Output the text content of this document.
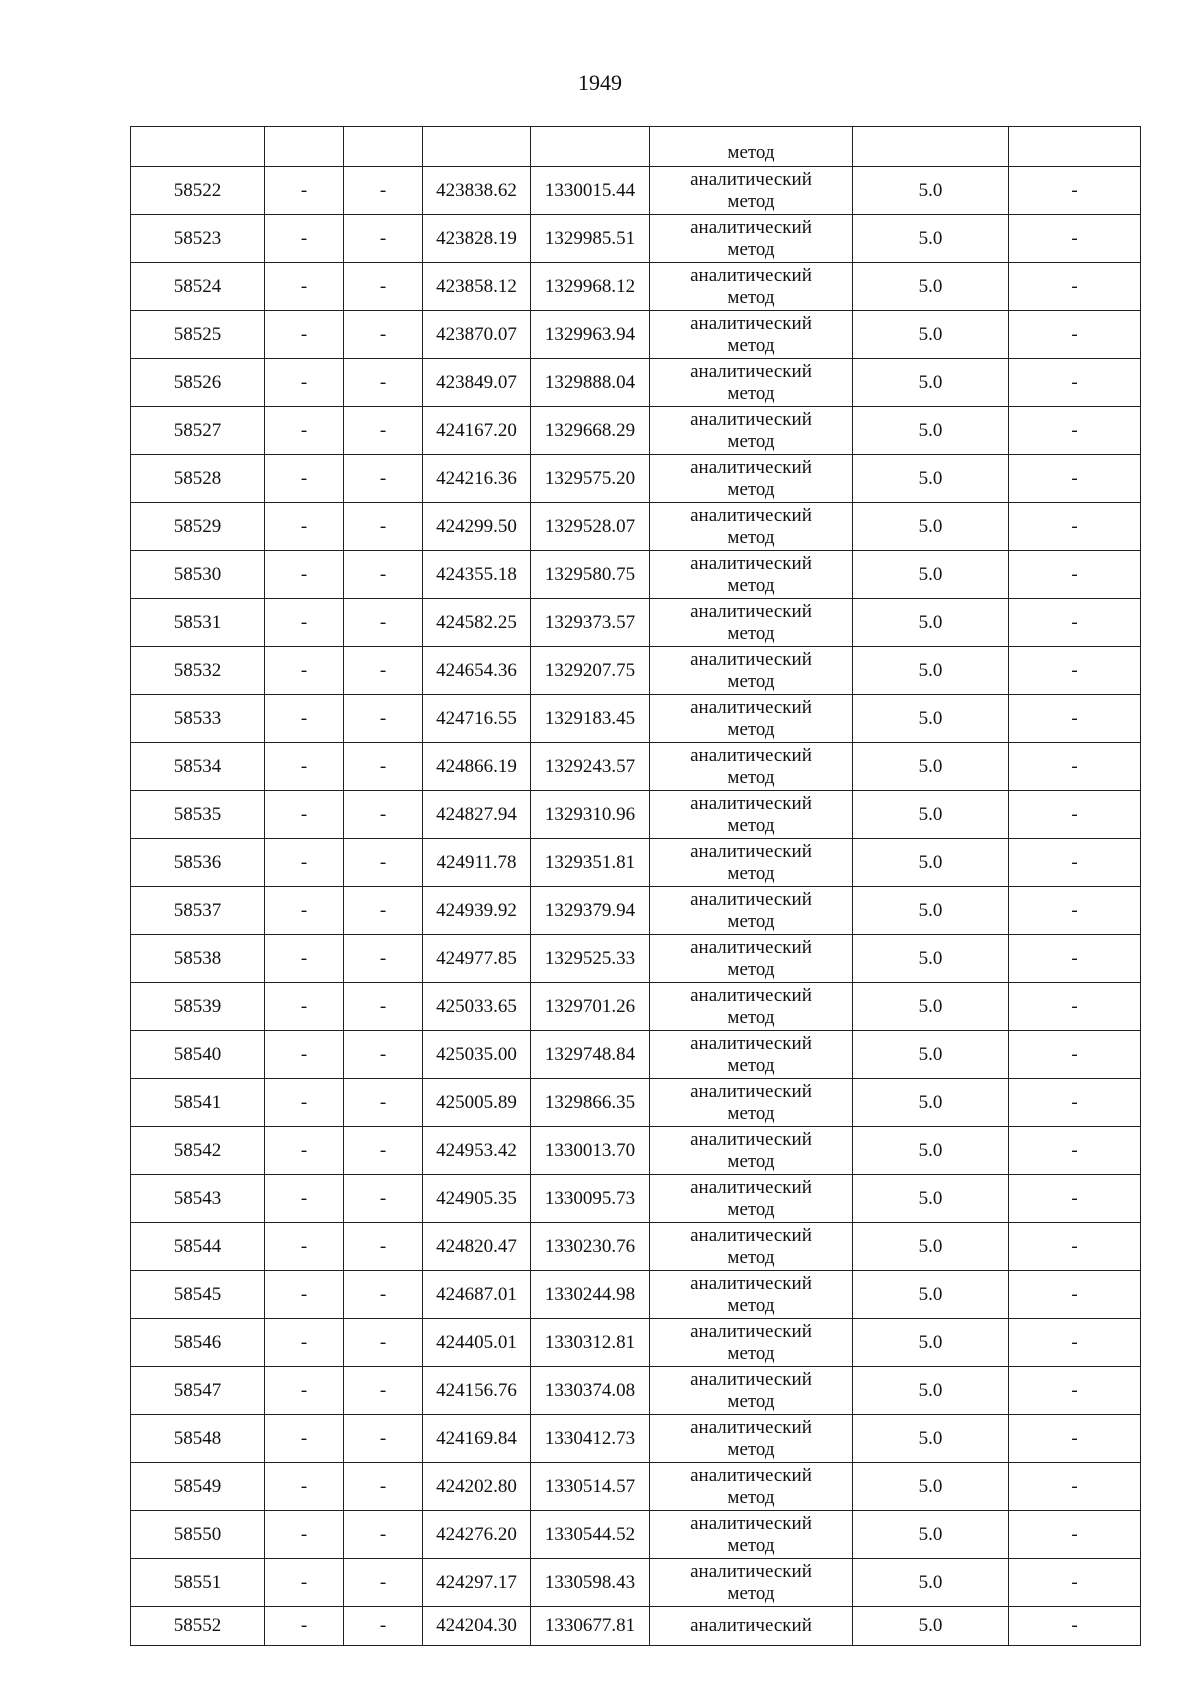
1949
					метод		
58522	-	-	423838.62	1330015.44	аналитический
метод	5.0	-
58523	-	-	423828.19	1329985.51	аналитический
метод	5.0	-
58524	-	-	423858.12	1329968.12	аналитический
метод	5.0	-
58525	-	-	423870.07	1329963.94	аналитический
метод	5.0	-
58526	-	-	423849.07	1329888.04	аналитический
метод	5.0	-
58527	-	-	424167.20	1329668.29	аналитический
метод	5.0	-
58528	-	-	424216.36	1329575.20	аналитический
метод	5.0	-
58529	-	-	424299.50	1329528.07	аналитический
метод	5.0	-
58530	-	-	424355.18	1329580.75	аналитический
метод	5.0	-
58531	-	-	424582.25	1329373.57	аналитический
метод	5.0	-
58532	-	-	424654.36	1329207.75	аналитический
метод	5.0	-
58533	-	-	424716.55	1329183.45	аналитический
метод	5.0	-
58534	-	-	424866.19	1329243.57	аналитический
метод	5.0	-
58535	-	-	424827.94	1329310.96	аналитический
метод	5.0	-
58536	-	-	424911.78	1329351.81	аналитический
метод	5.0	-
58537	-	-	424939.92	1329379.94	аналитический
метод	5.0	-
58538	-	-	424977.85	1329525.33	аналитический
метод	5.0	-
58539	-	-	425033.65	1329701.26	аналитический
метод	5.0	-
58540	-	-	425035.00	1329748.84	аналитический
метод	5.0	-
58541	-	-	425005.89	1329866.35	аналитический
метод	5.0	-
58542	-	-	424953.42	1330013.70	аналитический
метод	5.0	-
58543	-	-	424905.35	1330095.73	аналитический
метод	5.0	-
58544	-	-	424820.47	1330230.76	аналитический
метод	5.0	-
58545	-	-	424687.01	1330244.98	аналитический
метод	5.0	-
58546	-	-	424405.01	1330312.81	аналитический
метод	5.0	-
58547	-	-	424156.76	1330374.08	аналитический
метод	5.0	-
58548	-	-	424169.84	1330412.73	аналитический
метод	5.0	-
58549	-	-	424202.80	1330514.57	аналитический
метод	5.0	-
58550	-	-	424276.20	1330544.52	аналитический
метод	5.0	-
58551	-	-	424297.17	1330598.43	аналитический
метод	5.0	-
58552	-	-	424204.30	1330677.81	аналитический	5.0	-
